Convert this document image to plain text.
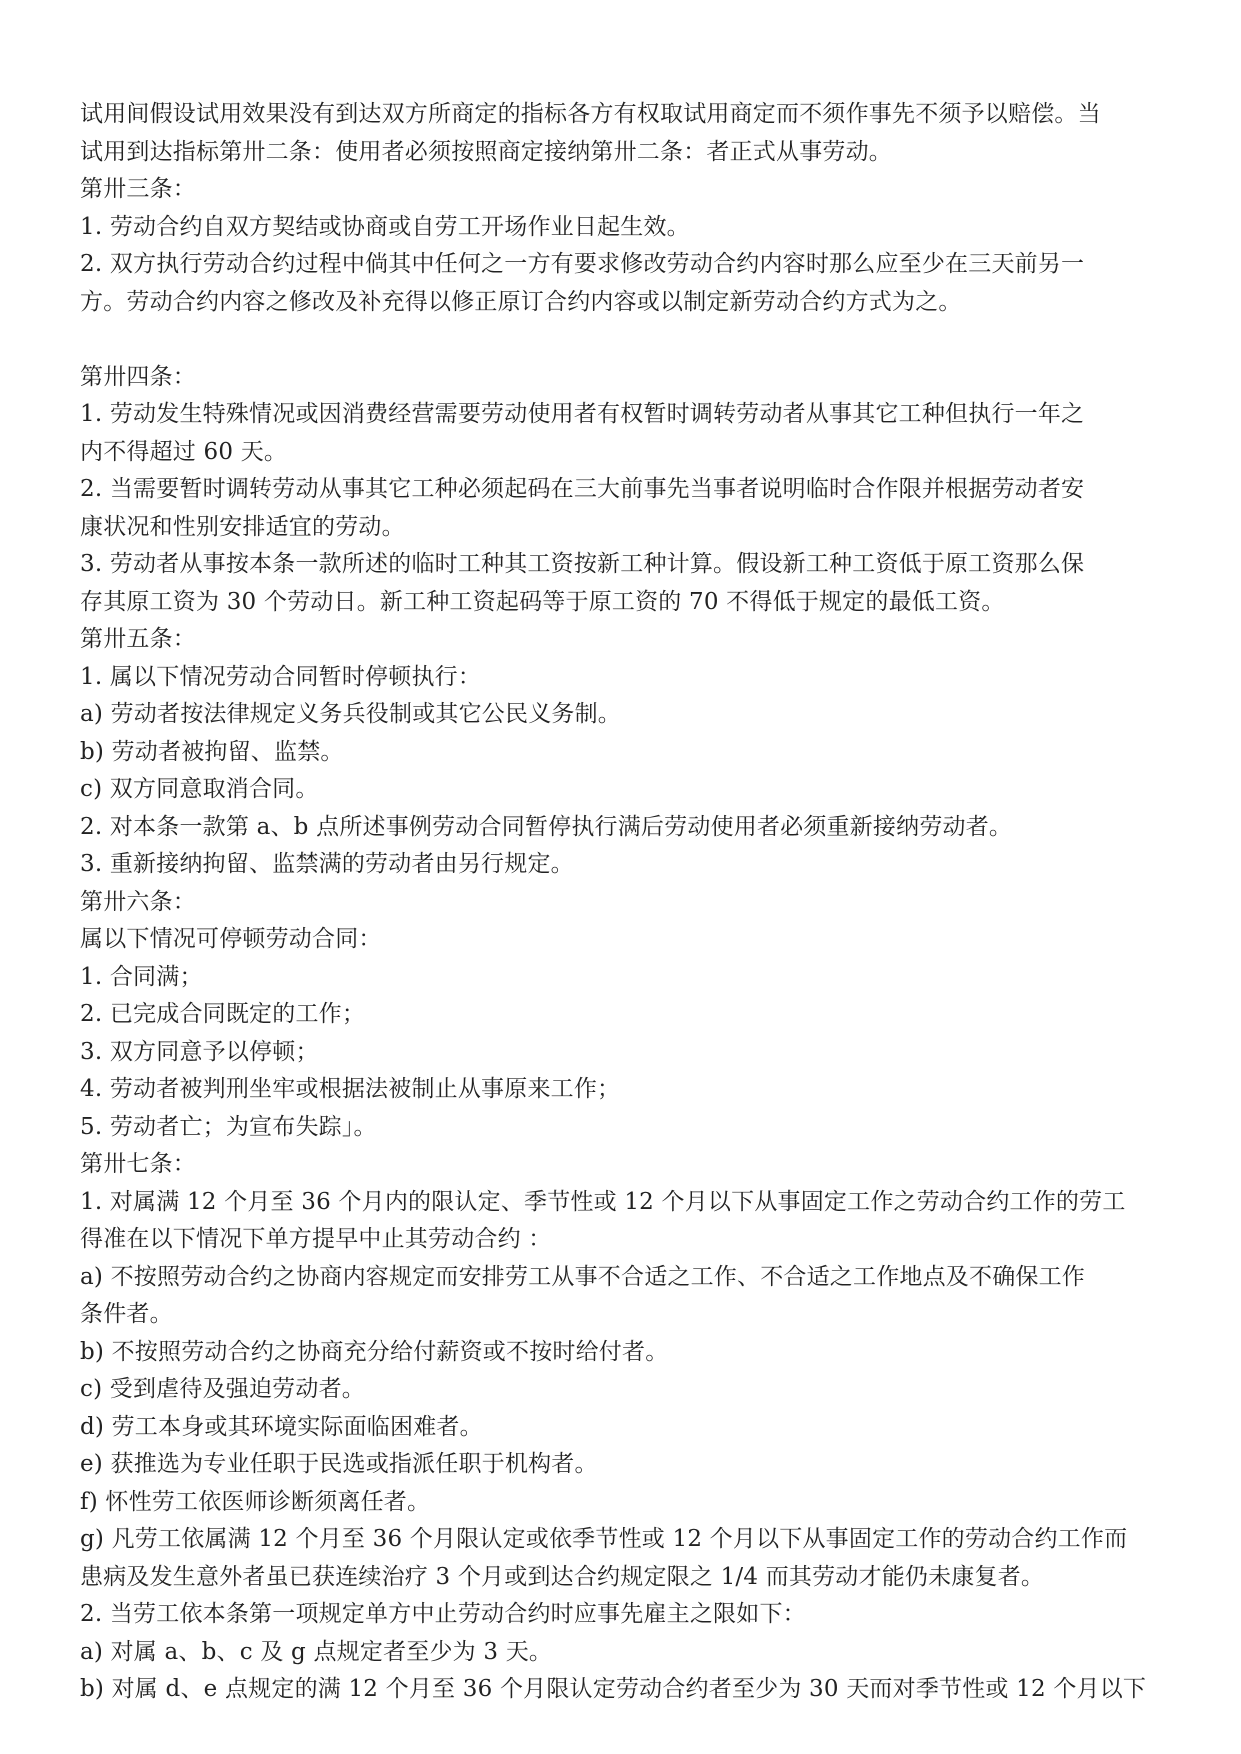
试用间假设试用效果没有到达双方所商定的指标各方有权取试用商定而不须作事先不须予以赔偿。当
试用到达指标第卅二条：使用者必须按照商定接纳第卅二条：者正式从事劳动。
第卅三条：
1. 劳动合约自双方契结或协商或自劳工开场作业日起生效。
2. 双方执行劳动合约过程中倘其中任何之一方有要求修改劳动合约内容时那么应至少在三天前另一
方。劳动合约内容之修改及补充得以修正原订合约内容或以制定新劳动合约方式为之。
第卅四条：
1. 劳动发生特殊情况或因消费经营需要劳动使用者有权暂时调转劳动者从事其它工种但执行一年之
内不得超过 60 天。
2. 当需要暂时调转劳动从事其它工种必须起码在三大前事先当事者说明临时合作限并根据劳动者安
康状况和性别安排适宜的劳动。
3. 劳动者从事按本条一款所述的临时工种其工资按新工种计算。假设新工种工资低于原工资那么保
存其原工资为 30 个劳动日。新工种工资起码等于原工资的 70 不得低于规定的最低工资。
第卅五条：
1. 属以下情况劳动合同暂时停顿执行：
a) 劳动者按法律规定义务兵役制或其它公民义务制。
b) 劳动者被拘留、监禁。
c) 双方同意取消合同。
2. 对本条一款第 a、b 点所述事例劳动合同暂停执行满后劳动使用者必须重新接纳劳动者。
3. 重新接纳拘留、监禁满的劳动者由另行规定。
第卅六条：
属以下情况可停顿劳动合同：
1. 合同满；
2. 已完成合同既定的工作；
3. 双方同意予以停顿；
4. 劳动者被判刑坐牢或根据法被制止从事原来工作；
5. 劳动者亡；为宣布失踪」。
第卅七条：
1. 对属满 12 个月至 36 个月内的限认定、季节性或 12 个月以下从事固定工作之劳动合约工作的劳工
得准在以下情况下单方提早中止其劳动合约 ：
a) 不按照劳动合约之协商内容规定而安排劳工从事不合适之工作、不合适之工作地点及不确保工作
条件者。
b) 不按照劳动合约之协商充分给付薪资或不按时给付者。
c) 受到虐待及强迫劳动者。
d) 劳工本身或其环境实际面临困难者。
e) 获推选为专业任职于民选或指派任职于机构者。
f) 怀性劳工依医师诊断须离任者。
g) 凡劳工依属满 12 个月至 36 个月限认定或依季节性或 12 个月以下从事固定工作的劳动合约工作而
患病及发生意外者虽已获连续治疗 3 个月或到达合约规定限之 1/4 而其劳动才能仍未康复者。
2. 当劳工依本条第一项规定单方中止劳动合约时应事先雇主之限如下：
a) 对属 a、b、c 及 g 点规定者至少为 3 天。
b) 对属 d、e 点规定的满 12 个月至 36 个月限认定劳动合约者至少为 30 天而对季节性或 12 个月以下
